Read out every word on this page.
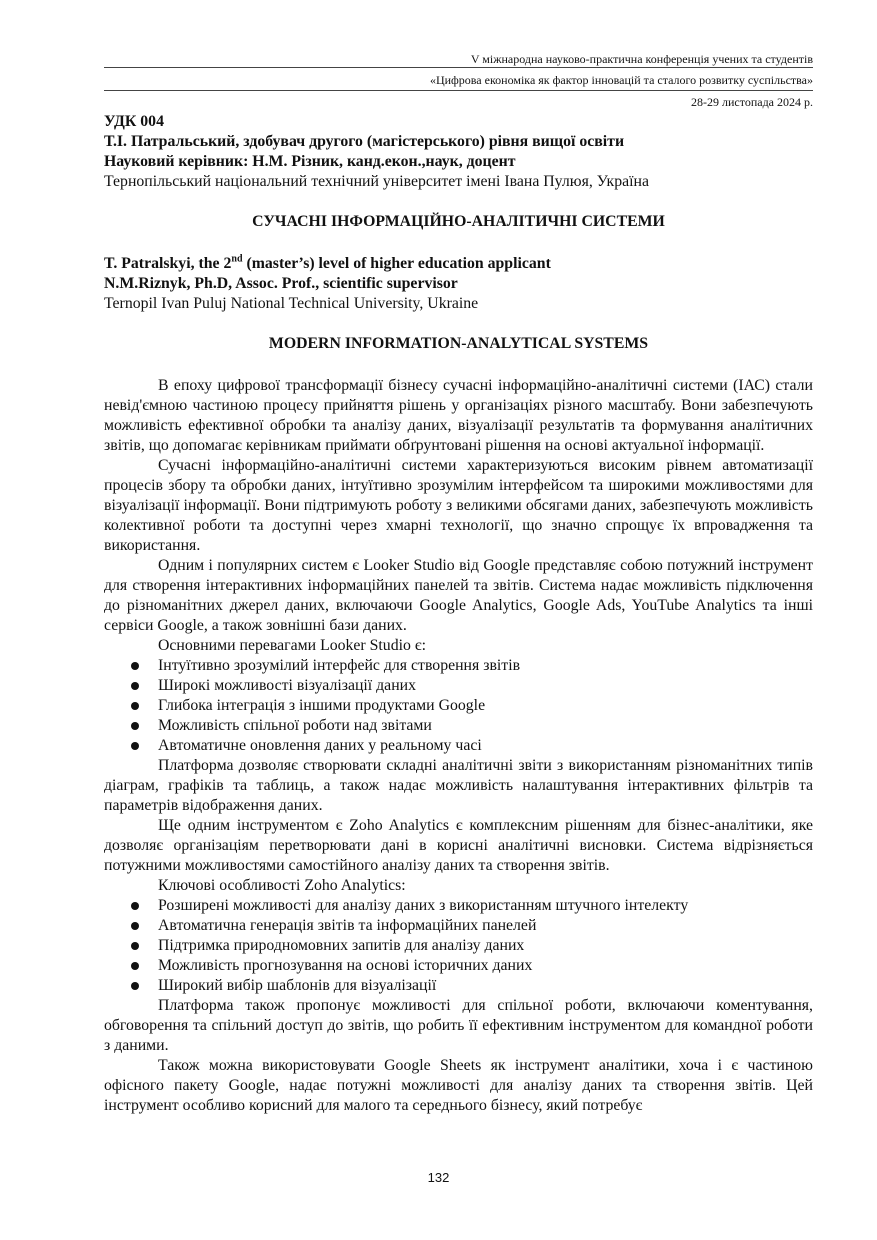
V міжнародна науково-практична конференція учених та студентів
«Цифрова економіка як фактор інновацій та сталого розвитку суспільства»
28-29 листопада 2024 р.

УДК 004

Т.І. Патральський, здобувач другого (магістерського) рівня вищої освіти

Науковий керівник: Н.М. Різник, канд.екон.,наук, доцент

Тернопільський національний технічний університет імені Івана Пулюя, Україна

СУЧАСНІ ІНФОРМАЦІЙНО-АНАЛІТИЧНІ СИСТЕМИ

T. Patralskyi, the 2nd (master’s) level of higher education applicant

N.M.Riznyk, Ph.D, Assoc. Prof., scientific supervisor

Ternopil Ivan Puluj National Technical University, Ukraine

MODERN INFORMATION-ANALYTICAL SYSTEMS

В епоху цифрової трансформації бізнесу сучасні інформаційно-аналітичні системи (ІАС) стали невід'ємною частиною процесу прийняття рішень у організаціях різного масштабу. Вони забезпечують можливість ефективної обробки та аналізу даних, візуалізації результатів та формування аналітичних звітів, що допомагає керівникам приймати обґрунтовані рішення на основі актуальної інформації.

Сучасні інформаційно-аналітичні системи характеризуються високим рівнем автоматизації процесів збору та обробки даних, інтуїтивно зрозумілим інтерфейсом та широкими можливостями для візуалізації інформації. Вони підтримують роботу з великими обсягами даних, забезпечують можливість колективної роботи та доступні через хмарні технології, що значно спрощує їх впровадження та використання.

Одним і популярних систем є Looker Studio від Google представляє собою потужний інструмент для створення інтерактивних інформаційних панелей та звітів. Система надає можливість підключення до різноманітних джерел даних, включаючи Google Analytics, Google Ads, YouTube Analytics та інші сервіси Google, а також зовнішні бази даних.

Основними перевагами Looker Studio є:

Інтуїтивно зрозумілий інтерфейс для створення звітів
Широкі можливості візуалізації даних
Глибока інтеграція з іншими продуктами Google
Можливість спільної роботи над звітами
Автоматичне оновлення даних у реальному часі

Платформа дозволяє створювати складні аналітичні звіти з використанням різноманітних типів діаграм, графіків та таблиць, а також надає можливість налаштування інтерактивних фільтрів та параметрів відображення даних.

Ще одним інструментом є Zoho Analytics є комплексним рішенням для бізнес-аналітики, яке дозволяє організаціям перетворювати дані в корисні аналітичні висновки. Система відрізняється потужними можливостями самостійного аналізу даних та створення звітів.

Ключові особливості Zoho Analytics:

Розширені можливості для аналізу даних з використанням штучного інтелекту
Автоматична генерація звітів та інформаційних панелей
Підтримка природномовних запитів для аналізу даних
Можливість прогнозування на основі історичних даних
Широкий вибір шаблонів для візуалізації

Платформа також пропонує можливості для спільної роботи, включаючи коментування, обговорення та спільний доступ до звітів, що робить її ефективним інструментом для командної роботи з даними.

Також можна використовувати Google Sheets як інструмент аналітики, хоча і є частиною офісного пакету Google, надає потужні можливості для аналізу даних та створення звітів. Цей інструмент особливо корисний для малого та середнього бізнесу, який потребує

132
